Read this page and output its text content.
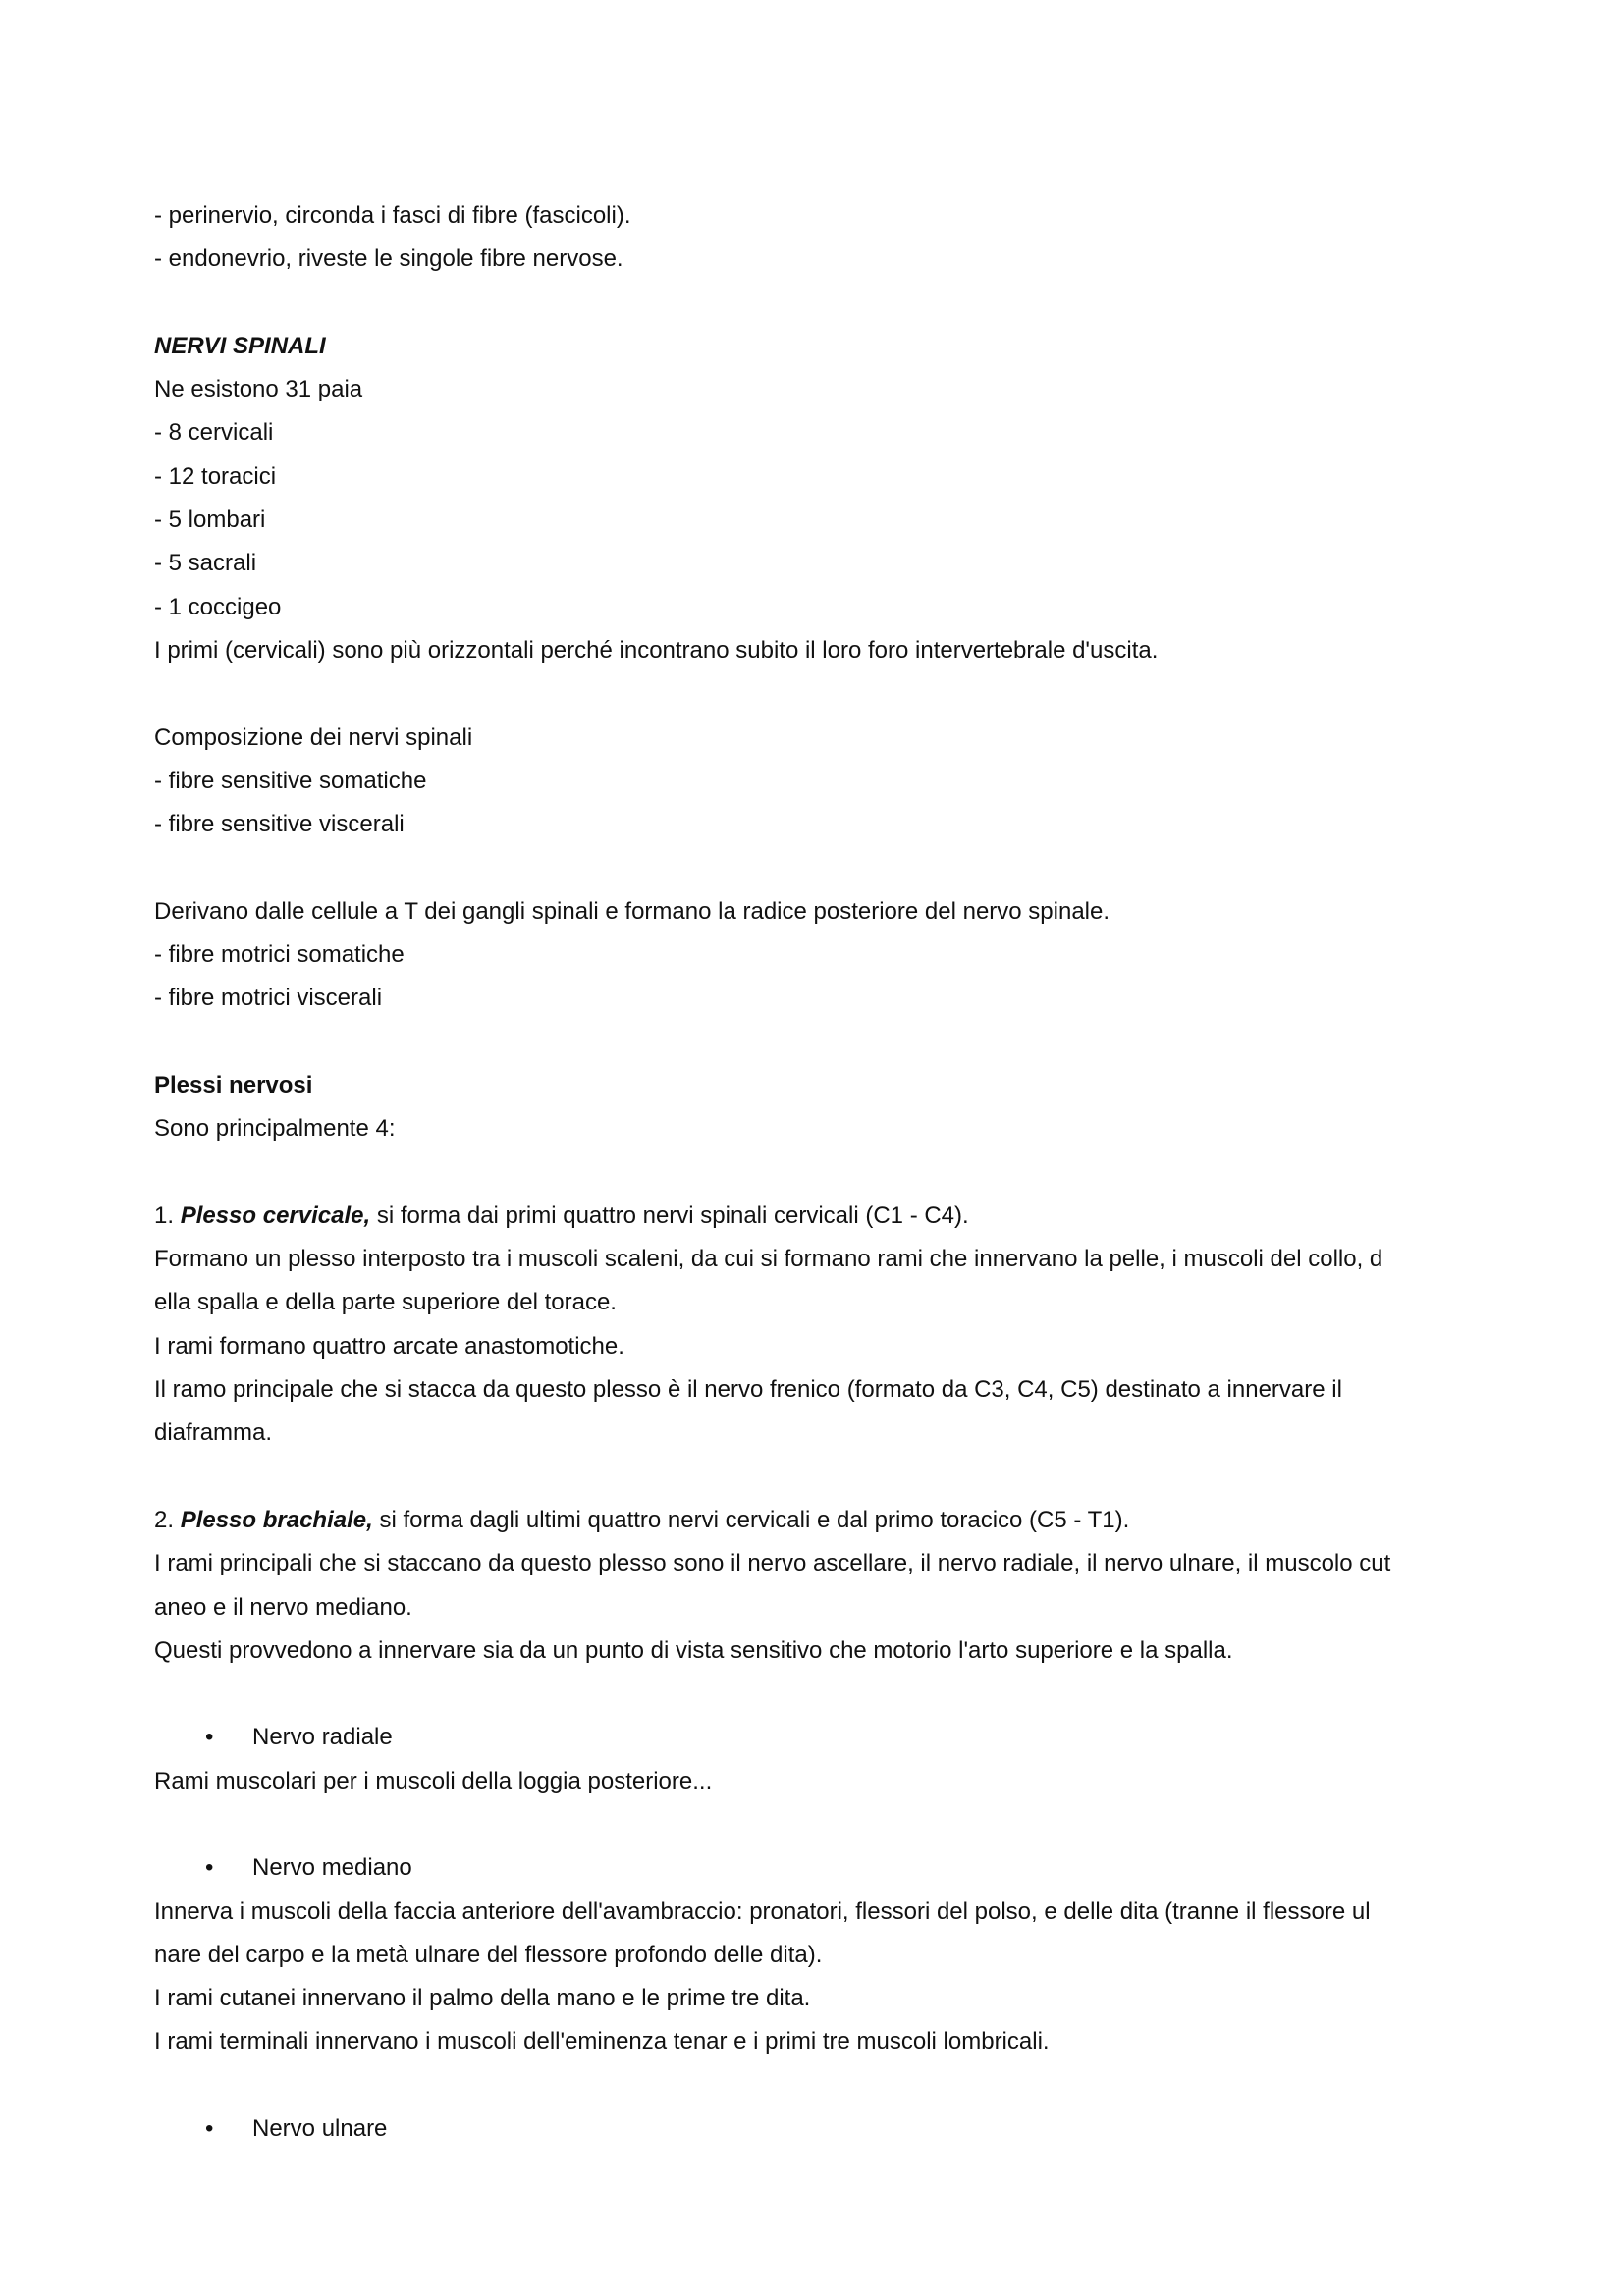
- perinervio, circonda i fasci di fibre (fascicoli).
- endonevrio, riveste le singole fibre nervose.
NERVI SPINALI
Ne esistono 31 paia
- 8 cervicali
- 12 toracici
- 5 lombari
- 5 sacrali
- 1 coccigeo
I primi (cervicali) sono più orizzontali perché incontrano subito il loro foro intervertebrale d'uscita.
Composizione dei nervi spinali
- fibre sensitive somatiche
- fibre sensitive viscerali
Derivano dalle cellule a T dei gangli spinali e formano la radice posteriore del nervo spinale.
- fibre motrici somatiche
- fibre motrici viscerali
Plessi nervosi
Sono principalmente 4:
1. Plesso cervicale, si forma dai primi quattro nervi spinali cervicali (C1 - C4).
Formano un plesso interposto tra i muscoli scaleni, da cui si formano rami che innervano la pelle, i muscoli del collo, d
ella spalla e della parte superiore del torace.
I rami formano quattro arcate anastomotiche.
Il ramo principale che si stacca da questo plesso è il nervo frenico (formato da C3, C4, C5) destinato a innervare il
diaframma.
2. Plesso brachiale, si forma dagli ultimi quattro nervi cervicali e dal primo toracico (C5 - T1).
I rami principali che si staccano da questo plesso sono il nervo ascellare, il nervo radiale, il nervo ulnare, il muscolo cut
aneo e il nervo mediano.
Questi provvedono a innervare sia da un punto di vista sensitivo che motorio l'arto superiore e la spalla.
•	Nervo radiale
Rami muscolari per i muscoli della loggia posteriore...
•	Nervo mediano
Innerva i muscoli della faccia anteriore dell'avambraccio: pronatori, flessori del polso, e delle dita (tranne il flessore ul
nare del carpo e la metà ulnare del flessore profondo delle dita).
I rami cutanei innervano il palmo della mano e le prime tre dita.
I rami terminali innervano i muscoli dell'eminenza tenar e i primi tre muscoli lombricali.
•	Nervo ulnare
